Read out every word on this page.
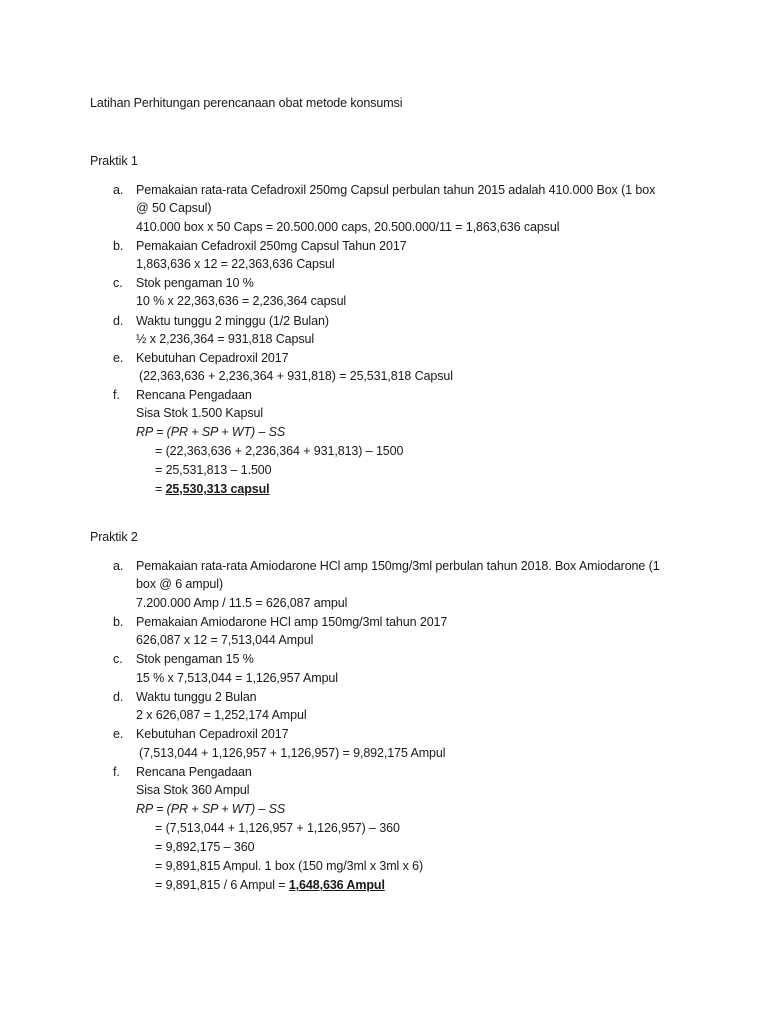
Latihan Perhitungan perencanaan obat metode konsumsi
Praktik 1
a. Pemakaian rata-rata Cefadroxil 250mg Capsul perbulan tahun 2015 adalah 410.000 Box (1 box
@ 50 Capsul)
410.000 box x 50 Caps = 20.500.000 caps, 20.500.000/11 = 1,863,636 capsul
b. Pemakaian Cefadroxil 250mg Capsul Tahun 2017
1,863,636 x 12 = 22,363,636 Capsul
c. Stok pengaman 10 %
10 % x 22,363,636 = 2,236,364 capsul
d. Waktu tunggu 2 minggu (1/2 Bulan)
½ x 2,236,364 = 931,818 Capsul
e. Kebutuhan Cepadroxil 2017
(22,363,636 + 2,236,364 + 931,818) = 25,531,818 Capsul
f. Rencana Pengadaan
Sisa Stok 1.500 Kapsul
RP = (PR + SP + WT) – SS
= (22,363,636 + 2,236,364 + 931,813) – 1500
= 25,531,813 – 1.500
= 25,530,313 capsul
Praktik 2
a. Pemakaian rata-rata Amiodarone HCl amp 150mg/3ml perbulan tahun 2018. Box Amiodarone (1
box @ 6 ampul)
7.200.000 Amp / 11.5 = 626,087 ampul
b. Pemakaian Amiodarone HCl amp 150mg/3ml tahun 2017
626,087 x 12 = 7,513,044 Ampul
c. Stok pengaman 15 %
15 % x 7,513,044 = 1,126,957 Ampul
d. Waktu tunggu 2 Bulan
2 x 626,087 = 1,252,174 Ampul
e. Kebutuhan Cepadroxil 2017
(7,513,044 + 1,126,957 + 1,126,957) = 9,892,175 Ampul
f. Rencana Pengadaan
Sisa Stok 360 Ampul
RP = (PR + SP + WT) – SS
= (7,513,044 + 1,126,957 + 1,126,957) – 360
= 9,892,175 – 360
= 9,891,815 Ampul. 1 box (150 mg/3ml x 3ml x 6)
= 9,891,815 / 6 Ampul = 1,648,636 Ampul
